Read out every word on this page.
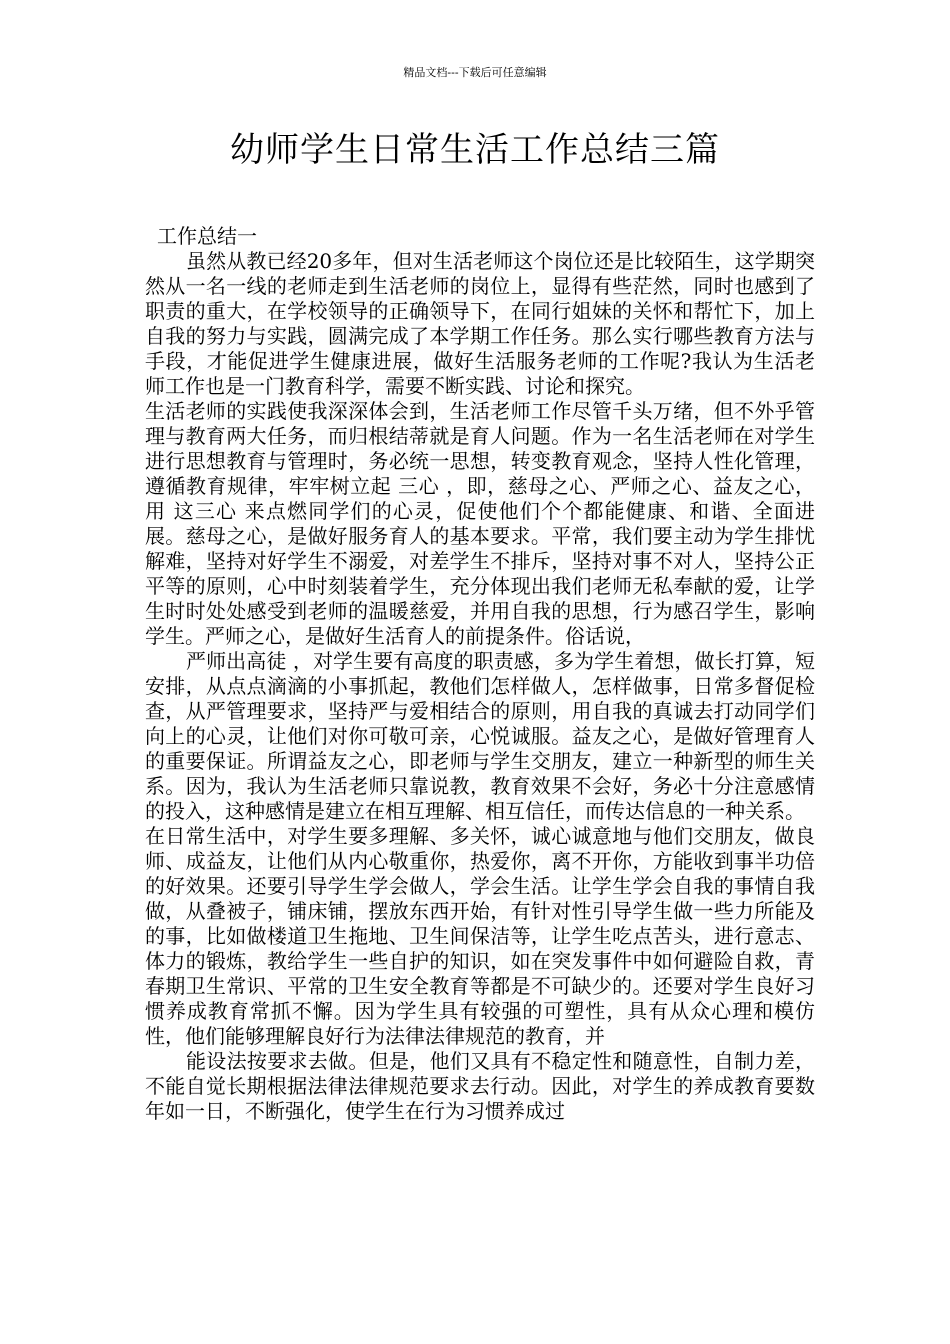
精品文档---下载后可任意编辑
幼师学生日常生活工作总结三篇

工作总结一

虽然从教已经20多年，但对生活老师这个岗位还是比较陌生，这学期突然从一名一线的老师走到生活老师的岗位上，显得有些茫然，同时也感到了职责的重大，在学校领导的正确领导下，在同行姐妹的关怀和帮忙下，加上自我的努力与实践，圆满完成了本学期工作任务。那么实行哪些教育方法与手段，才能促进学生健康进展，做好生活服务老师的工作呢?我认为生活老师工作也是一门教育科学，需要不断实践、讨论和探究。

生活老师的实践使我深深体会到，生活老师工作尽管千头万绪，但不外乎管理与教育两大任务，而归根结蒂就是育人问题。作为一名生活老师在对学生进行思想教育与管理时，务必统一思想，转变教育观念，坚持人性化管理，遵循教育规律，牢牢树立起 三心 ，即，慈母之心、严师之心、益友之心，用 这三心 来点燃同学们的心灵，促使他们个个都能健康、和谐、全面进展。慈母之心，是做好服务育人的基本要求。平常，我们要主动为学生排忧解难，坚持对好学生不溺爱，对差学生不排斥，坚持对事不对人，坚持公正平等的原则，心中时刻装着学生，充分体现出我们老师无私奉献的爱，让学生时时处处感受到老师的温暖慈爱，并用自我的思想，行为感召学生，影响学生。严师之心，是做好生活育人的前提条件。俗话说，

严师出高徒 ，对学生要有高度的职责感，多为学生着想，做长打算，短安排，从点点滴滴的小事抓起，教他们怎样做人，怎样做事，日常多督促检查，从严管理要求，坚持严与爱相结合的原则，用自我的真诚去打动同学们向上的心灵，让他们对你可敬可亲，心悦诚服。益友之心，是做好管理育人的重要保证。所谓益友之心，即老师与学生交朋友，建立一种新型的师生关系。因为，我认为生活老师只靠说教，教育效果不会好，务必十分注意感情的投入，这种感情是建立在相互理解、相互信任，而传达信息的一种关系。

在日常生活中，对学生要多理解、多关怀，诚心诚意地与他们交朋友，做良师、成益友，让他们从内心敬重你，热爱你，离不开你，方能收到事半功倍的好效果。还要引导学生学会做人，学会生活。让学生学会自我的事情自我做，从叠被子，铺床铺，摆放东西开始，有针对性引导学生做一些力所能及的事，比如做楼道卫生拖地、卫生间保洁等，让学生吃点苦头，进行意志、体力的锻炼，教给学生一些自护的知识，如在突发事件中如何避险自救，青春期卫生常识、平常的卫生安全教育等都是不可缺少的。还要对学生良好习惯养成教育常抓不懈。因为学生具有较强的可塑性，具有从众心理和模仿性，他们能够理解良好行为法律法律规范的教育，并

能设法按要求去做。但是，他们又具有不稳定性和随意性，自制力差，不能自觉长期根据法律法律规范要求去行动。因此，对学生的养成教育要数年如一日，不断强化，使学生在行为习惯养成过
